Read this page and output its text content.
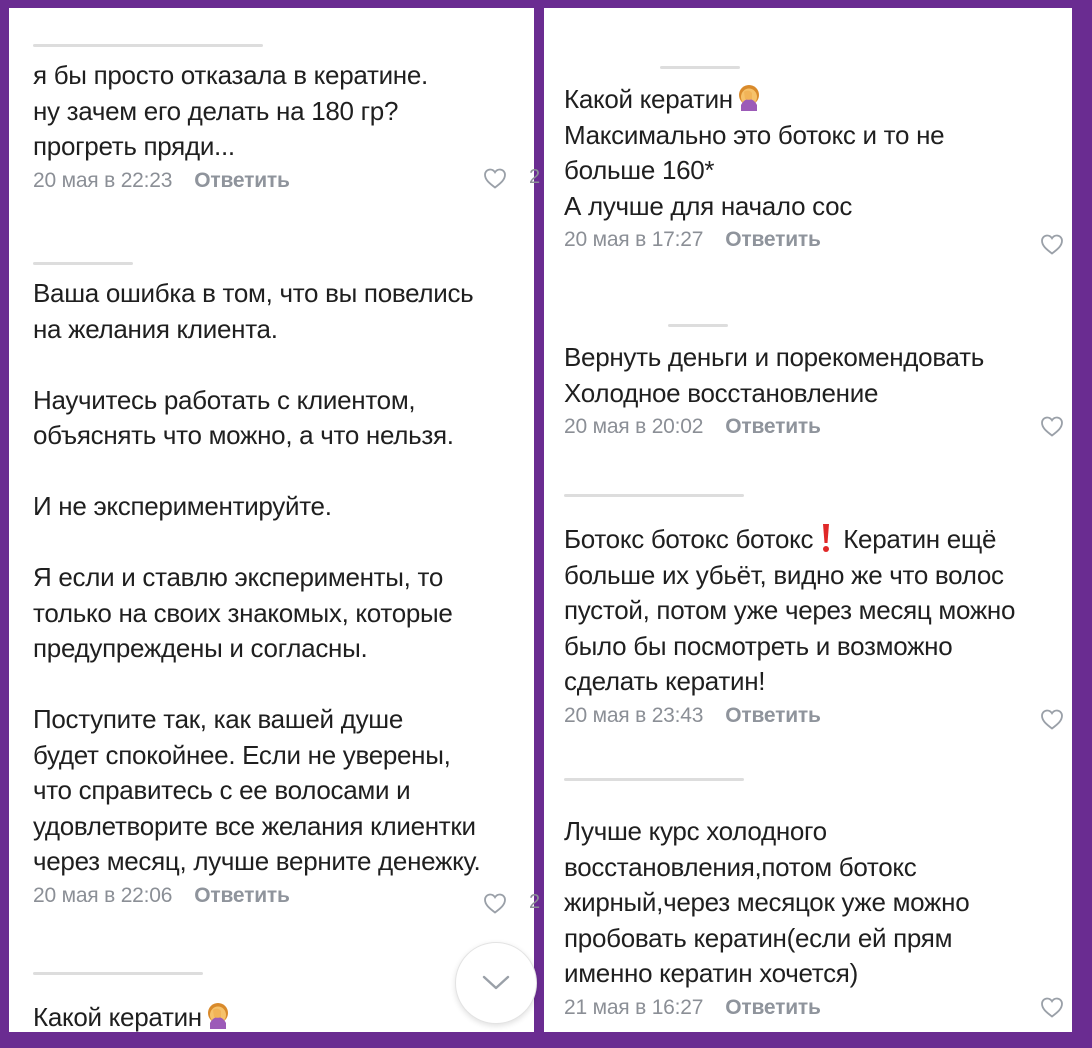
я бы просто отказала в кератине.
ну зачем его делать на 180 гр?
прогреть пряди...
20 мая в 22:23 Ответить	2
Ваша ошибка в том, что вы повелись
на желания клиента.

Научитесь работать с клиентом,
объяснять что можно, а что нельзя.

И не экспериментируйте.

Я если и ставлю эксперименты, то
только на своих знакомых, которые
предупреждены и согласны.

Поступите так, как вашей душе
будет спокойнее. Если не уверены,
что справитесь с ее волосами и
удовлетворите все желания клиентки
через месяц, лучше верните денежку.
20 мая в 22:06 Ответить	2
Какой кератин
Какой кератин
Максимально это ботокс и то не
больше 160*
А лучше для начало сос
20 мая в 17:27 Ответить
Вернуть деньги и порекомендовать
Холодное восстановление
20 мая в 20:02 Ответить
Ботокс ботокс ботокс Кератин ещё
больше их убьёт, видно же что волос
пустой, потом уже через месяц можно
было бы посмотреть и возможно
сделать кератин!
20 мая в 23:43 Ответить
Лучше курс холодного
восстановления,потом ботокс
жирный,через месяцок уже можно
пробовать кератин(если ей прям
именно кератин хочется)
21 мая в 16:27 Ответить
